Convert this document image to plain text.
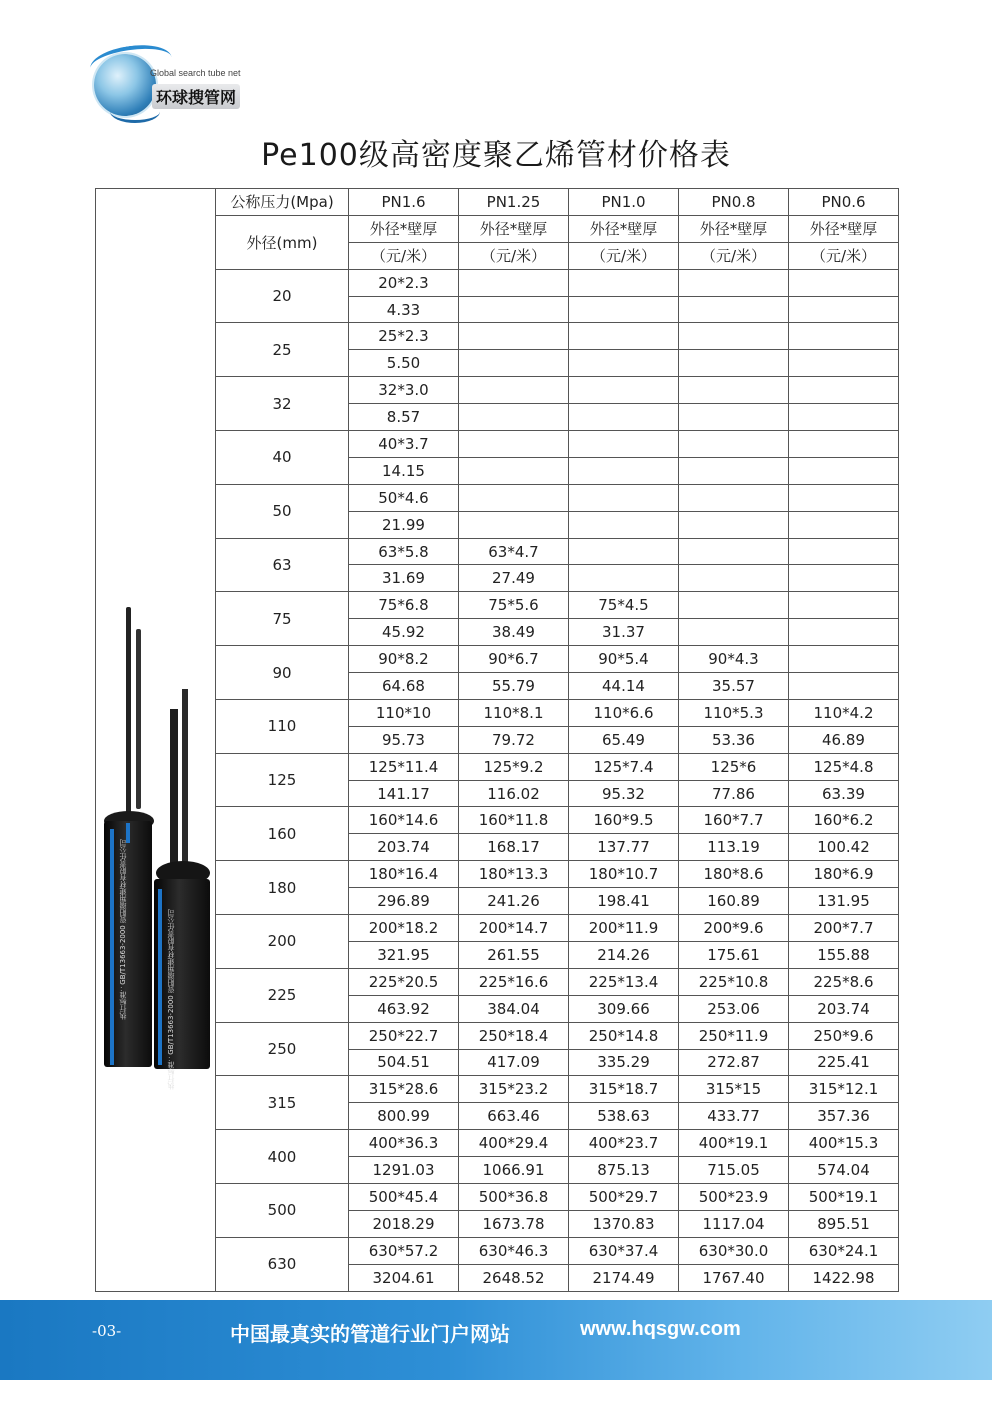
Global search tube net
环球搜管网
Pe100级高密度聚乙烯管材价格表
执行标准：GB/T13663-2000 资阳瑞翔建材有限责任公司 执行标准：GB/T13663-2000 资阳瑞翔建材有限责任公司	公称压力(Mpa)	PN1.6	PN1.25	PN1.0	PN0.8	PN0.6
	外径(mm)	外径*壁厚	外径*壁厚	外径*壁厚	外径*壁厚	外径*壁厚
		（元/米）	（元/米）	（元/米）	（元/米）	（元/米）
	20	20*2.3				
		4.33				
	25	25*2.3				
		5.50				
	32	32*3.0				
		8.57				
	40	40*3.7				
		14.15				
	50	50*4.6				
		21.99				
	63	63*5.8	63*4.7			
		31.69	27.49			
	75	75*6.8	75*5.6	75*4.5		
		45.92	38.49	31.37		
	90	90*8.2	90*6.7	90*5.4	90*4.3	
		64.68	55.79	44.14	35.57	
	110	110*10	110*8.1	110*6.6	110*5.3	110*4.2
		95.73	79.72	65.49	53.36	46.89
	125	125*11.4	125*9.2	125*7.4	125*6	125*4.8
		141.17	116.02	95.32	77.86	63.39
	160	160*14.6	160*11.8	160*9.5	160*7.7	160*6.2
		203.74	168.17	137.77	113.19	100.42
	180	180*16.4	180*13.3	180*10.7	180*8.6	180*6.9
		296.89	241.26	198.41	160.89	131.95
	200	200*18.2	200*14.7	200*11.9	200*9.6	200*7.7
		321.95	261.55	214.26	175.61	155.88
	225	225*20.5	225*16.6	225*13.4	225*10.8	225*8.6
		463.92	384.04	309.66	253.06	203.74
	250	250*22.7	250*18.4	250*14.8	250*11.9	250*9.6
		504.51	417.09	335.29	272.87	225.41
	315	315*28.6	315*23.2	315*18.7	315*15	315*12.1
		800.99	663.46	538.63	433.77	357.36
	400	400*36.3	400*29.4	400*23.7	400*19.1	400*15.3
		1291.03	1066.91	875.13	715.05	574.04
	500	500*45.4	500*36.8	500*29.7	500*23.9	500*19.1
		2018.29	1673.78	1370.83	1117.04	895.51
	630	630*57.2	630*46.3	630*37.4	630*30.0	630*24.1
		3204.61	2648.52	2174.49	1767.40	1422.98
-03-	中国最真实的管道行业门户网站	www.hqsgw.com
